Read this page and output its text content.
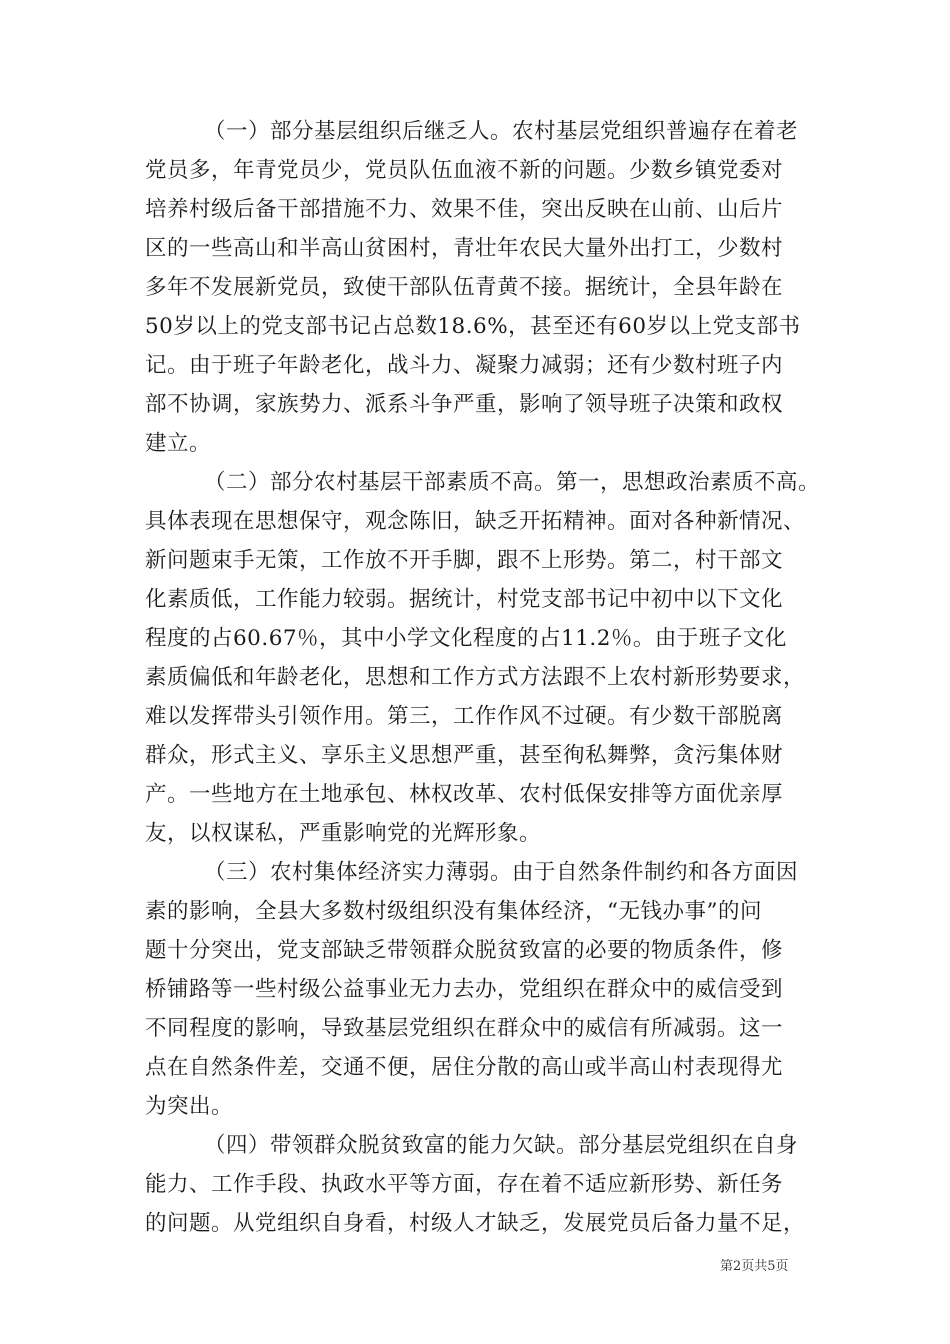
（一）部分基层组织后继乏人。农村基层党组织普遍存在着老
党员多，年青党员少，党员队伍血液不新的问题。少数乡镇党委对
培养村级后备干部措施不力、效果不佳，突出反映在山前、山后片
区的一些高山和半高山贫困村，青壮年农民大量外出打工，少数村
多年不发展新党员，致使干部队伍青黄不接。据统计，全县年龄在
50岁以上的党支部书记占总数18.6%，甚至还有60岁以上党支部书
记。由于班子年龄老化，战斗力、凝聚力减弱；还有少数村班子内
部不协调，家族势力、派系斗争严重，影响了领导班子决策和政权
建立。
（二）部分农村基层干部素质不高。第一，思想政治素质不高。
具体表现在思想保守，观念陈旧，缺乏开拓精神。面对各种新情况、
新问题束手无策，工作放不开手脚，跟不上形势。第二，村干部文
化素质低，工作能力较弱。据统计，村党支部书记中初中以下文化
程度的占60.67％，其中小学文化程度的占11.2％。由于班子文化
素质偏低和年龄老化，思想和工作方式方法跟不上农村新形势要求，
难以发挥带头引领作用。第三，工作作风不过硬。有少数干部脱离
群众，形式主义、享乐主义思想严重，甚至徇私舞弊，贪污集体财
产。一些地方在土地承包、林权改革、农村低保安排等方面优亲厚
友，以权谋私，严重影响党的光辉形象。
（三）农村集体经济实力薄弱。由于自然条件制约和各方面因
素的影响，全县大多数村级组织没有集体经济，“无钱办事”的问
题十分突出，党支部缺乏带领群众脱贫致富的必要的物质条件，修
桥铺路等一些村级公益事业无力去办，党组织在群众中的威信受到
不同程度的影响，导致基层党组织在群众中的威信有所减弱。这一
点在自然条件差，交通不便，居住分散的高山或半高山村表现得尤
为突出。
（四）带领群众脱贫致富的能力欠缺。部分基层党组织在自身
能力、工作手段、执政水平等方面，存在着不适应新形势、新任务
的问题。从党组织自身看，村级人才缺乏，发展党员后备力量不足，
第2页共5页
